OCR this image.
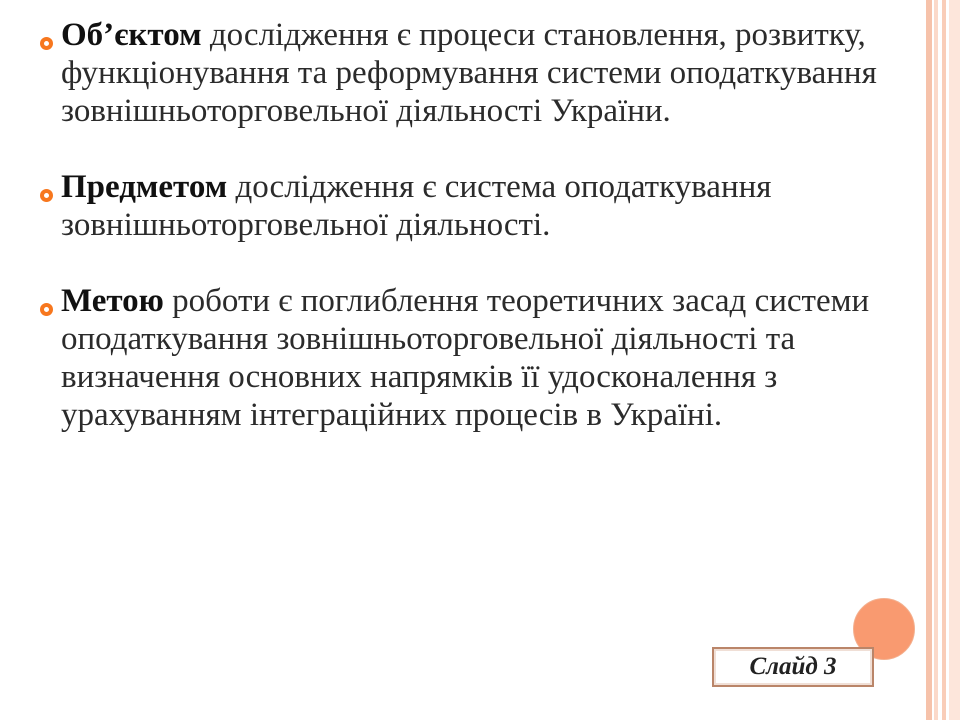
Об’єктом дослідження є процеси становлення, розвитку, функціонування та реформування системи оподаткування зовнішньоторговельної діяльності України.
Предметом дослідження є система оподаткування зовнішньоторговельної діяльності.
Метою роботи є поглиблення теоретичних засад системи оподаткування зовнішньоторговельної діяльності та визначення основних напрямків її удосконалення з урахуванням інтеграційних процесів в Україні.
Слайд 3
